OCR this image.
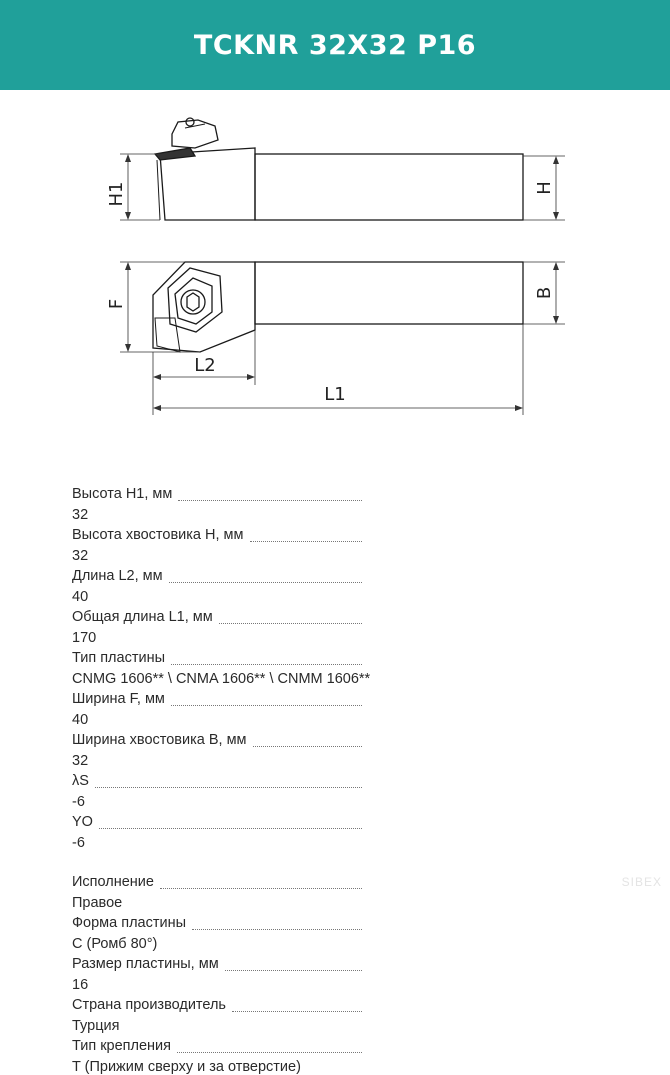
TCKNR 32X32 P16
H1	H
F
B
L2
L1
Высота H1, мм
32
Высота хвостовика H, мм
32
Длина L2, мм
40
Общая длина L1, мм
170
Тип пластины
CNMG 1606** \ CNMA 1606** \ CNMM 1606**
Ширина F, мм
40
Ширина хвостовика B, мм
32
λS
-6
YO
-6
Исполнение
Правое
Форма пластины
C (Ромб 80°)
Размер пластины, мм
16
Страна производитель
Турция
Тип крепления
T (Прижим сверху и за отверстие)
SIBEX
